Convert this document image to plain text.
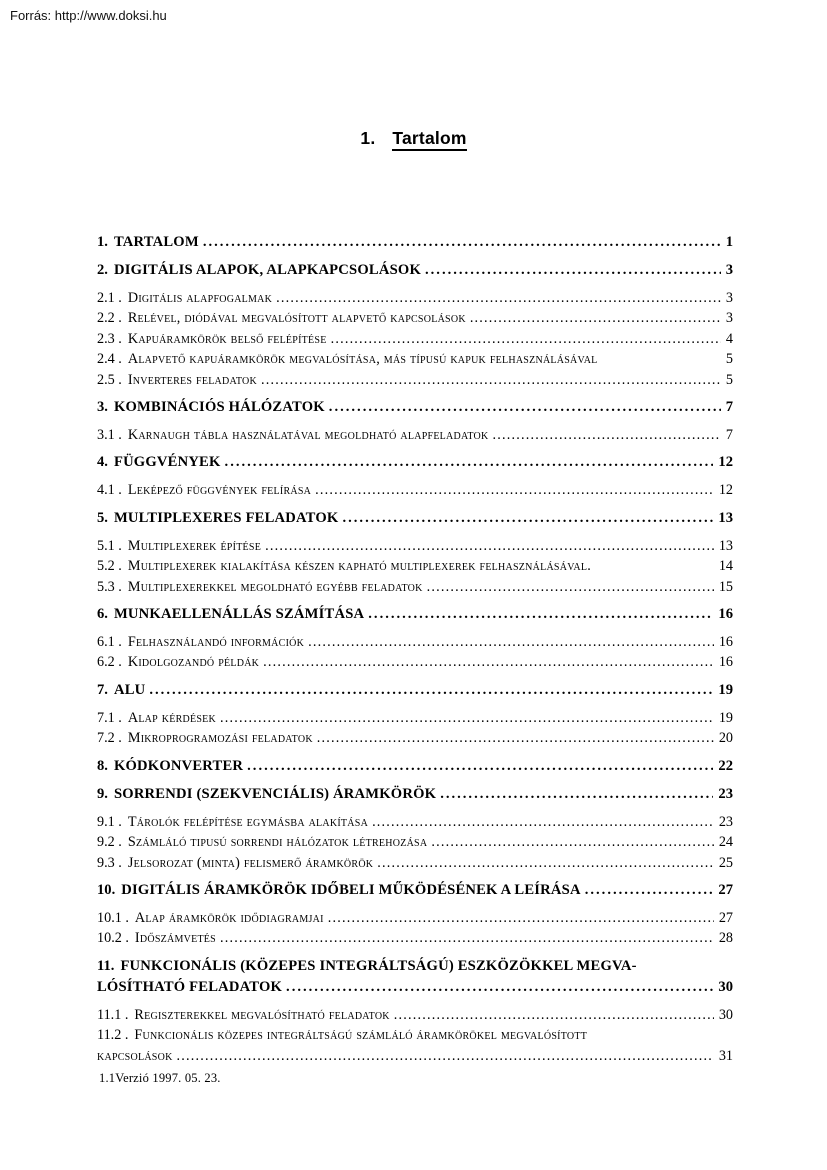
Forrás: http://www.doksi.hu
1. Tartalom
1. TARTALOM .....	1
2. DIGITÁLIS ALAPOK, ALAPKAPCSOLÁSOK .....	3
2.1 . Digitális alapfogalmak .....	3
2.2 . Relével, diódával megvalósított alapvető kapcsolások .....	3
2.3 . Kapuáramkörök belső felépítése .....	4
2.4 . Alapvető kapuáramkörök megvalósítása, más típusú kapuk felhasználásával	5
2.5 . Inverteres feladatok .....	5
3. KOMBINÁCIÓS HÁLÓZATOK .....	7
3.1 . Karnaugh tábla használatával megoldható alapfeladatok .....	7
4. FÜGGVÉNYEK .....	12
4.1 . Leképező függvények felírása .....	12
5. MULTIPLEXERES FELADATOK .....	13
5.1 . Multiplexerek építése .....	13
5.2 . Multiplexerek kialakítása készen kapható multiplexerek felhasználásával.	14
5.3 . Multiplexerekkel megoldható egyébb feladatok .....	15
6. MUNKAELLENÁLLÁS SZÁMÍTÁSA .....	16
6.1 . Felhasználandó információk .....	16
6.2 . Kidolgozandó példák .....	16
7. ALU .....	19
7.1 . Alap kérdések .....	19
7.2 . Mikroprogramozási feladatok .....	20
8. KÓDKONVERTER .....	22
9. SORRENDI (SZEKVENCIÁLIS) ÁRAMKÖRÖK .....	23
9.1 . Tárolók felépítése egymásba alakítása .....	23
9.2 . Számláló tipusú sorrendi hálózatok létrehozása .....	24
9.3 . Jelsorozat (minta) felismerő áramkörök .....	25
10. DIGITÁLIS ÁRAMKÖRÖK IDŐBELI MŰKÖDÉSÉNEK A LEÍRÁSA .....	27
10.1 . Alap áramkörök idődiagramjai .....	27
10.2 . Időszámvetés .....	28
11. FUNKCIONÁLIS (KÖZEPES INTEGRÁLTSÁGÚ) ESZKÖZÖKKEL MEGVA-
LÓSÍTHATÓ FELADATOK .....	30
11.1 . Regiszterekkel megvalósítható feladatok .....	30
11.2 . Funkcionális közepes integráltságú számláló áramkörökel megvalósított
kapcsolások .....	31
1.1Verzió 1997. 05. 23.
